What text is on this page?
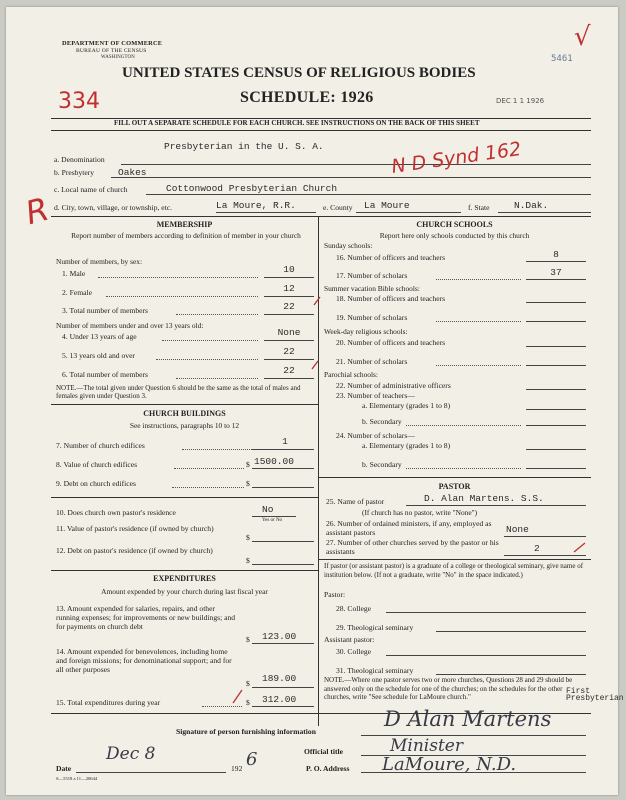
DEPARTMENT OF COMMERCE
BUREAU OF THE CENSUS
WASHINGTON
UNITED STATES CENSUS OF RELIGIOUS BODIES
SCHEDULE: 1926
334	DEC 1 1 1926
5461
√
FILL OUT A SEPARATE SCHEDULE FOR EACH CHURCH. SEE INSTRUCTIONS ON THE BACK OF THIS SHEET
a. Denomination
Presbyterian in the U. S. A.
b. Presbytery	Oakes	N D Synd 162
c. Local name of church	Cottonwood Presbyterian Church
d. City, town, village, or township, etc.	La Moure, R.R.	e. County La Moure	f. State	N.Dak.
R	MEMBERSHIP
Report number of members according to definition of member in your church
Number of members, by sex:
1. Male	10
2. Female	12
3. Total number of members	22
Number of members under and over 13 years old:
4. Under 13 years of age	None
5. 13 years old and over	22
6. Total number of members	22
NOTE.—The total given under Question 6 should be the same as the total of males and females given under Question 3.
CHURCH BUILDINGS
See instructions, paragraphs 10 to 12
7. Number of church edifices	1
8. Value of church edifices	$ 1500.00
9. Debt on church edifices	$
10. Does church own pastor's residence	No
Yes or No
11. Value of pastor's residence (if owned by church)
$
12. Debt on pastor's residence (if owned by church)
$
EXPENDITURES
Amount expended by your church during last fiscal year
13. Amount expended for salaries, repairs, and other running expenses; for improvements or new buildings; and for payments on church debt
$ 123.00
14. Amount expended for benevolences, including home and foreign missions; for denominational support; and for all other purposes
$ 189.00
15. Total expenditures during year	$ 312.00
CHURCH SCHOOLS
Report here only schools conducted by this church
Sunday schools:
16. Number of officers and teachers	8
17. Number of scholars	37
Summer vacation Bible schools:
18. Number of officers and teachers
19. Number of scholars
Week-day religious schools:
20. Number of officers and teachers
21. Number of scholars
Parochial schools:
22. Number of administrative officers
23. Number of teachers—
a. Elementary (grades 1 to 8)
b. Secondary
24. Number of scholars—
a. Elementary (grades 1 to 8)
b. Secondary
PASTOR
25. Name of pastor	D. Alan Martens. S.S.
(If church has no pastor, write "None")
26. Number of ordained ministers, if any, employed as assistant pastors	None
27. Number of other churches served by the pastor or his assistants	2
If pastor (or assistant pastor) is a graduate of a college or theological seminary, give name of institution below. (If not a graduate, write "No" in the space indicated.)
Pastor:
28. College
29. Theological seminary
Assistant pastor:
30. College
31. Theological seminary
NOTE.—Where one pastor serves two or more churches, Questions 28 and 29 should be answered only on the schedule for one of the churches; on the schedules for the other churches, write "See schedule for LaMoure church."
First Presbyterian
Signature of person furnishing information
D Alan Martens
Official title	Minister
Date
Dec 8
192 6	P. O. Address LaMoure, N.D.
S—5518 a 11—20644
